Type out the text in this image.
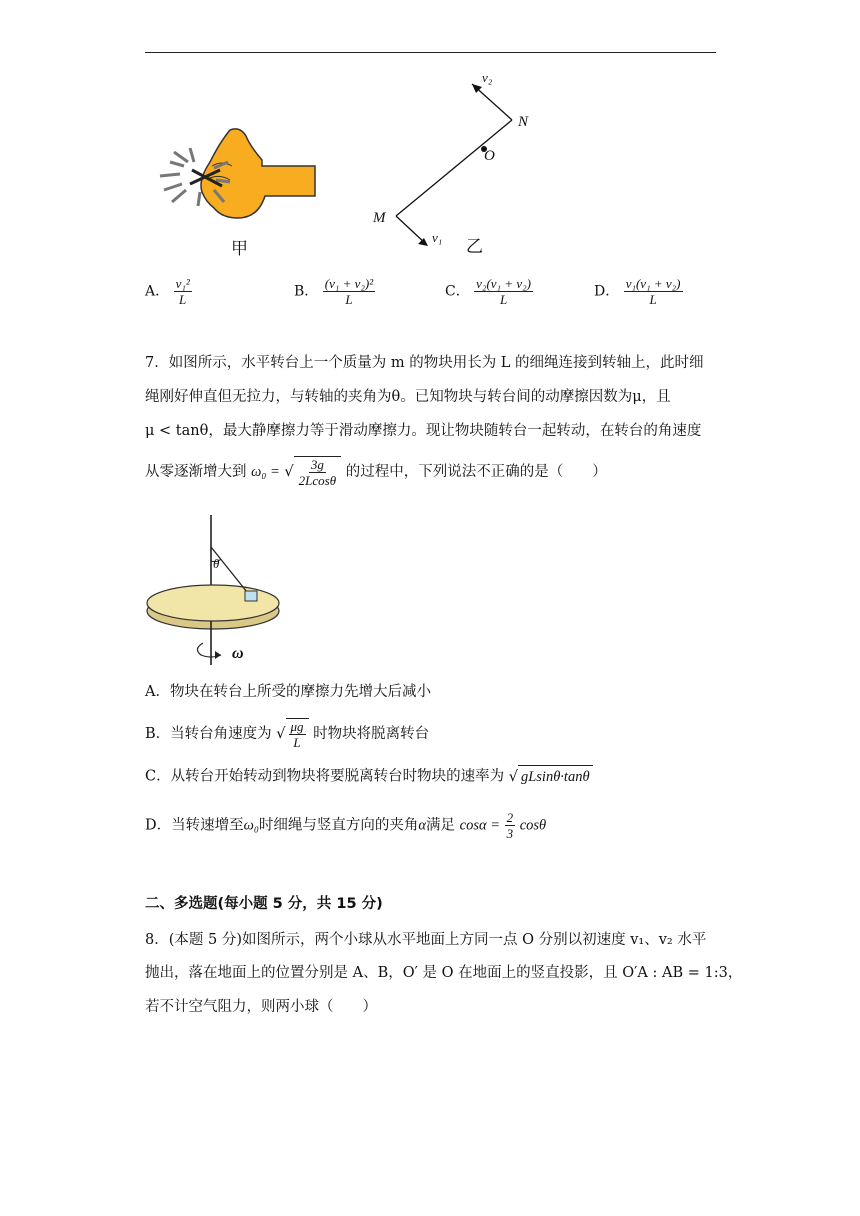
甲
v₂
N
O
M
v₁ 乙
A． $\frac{\text{v₁²}}{L}$	B． $\frac{\text{(v₁ + v₂)²}}{L}$	C． $\frac{\text{v₂(v₁ + v₂)}}{L}$	D． $\frac{\text{v₁(v₁ + v₂)}}{L}$
7．如图所示，水平转台上一个质量为 m 的物块用长为 L 的细绳连接到转轴上，此时细
绳刚好伸直但无拉力，与转轴的夹角为θ。已知物块与转台间的动摩擦因数为μ，且
μ < tanθ，最大静摩擦力等于滑动摩擦力。现让物块随转台一起转动，在转台的角速度
从零逐渐增大到 ω₀ = √ $\frac{3g}{2Lcos\theta}$ 的过程中，下列说法不正确的是（　　）
θ
ω
A．物块在转台上所受的摩擦力先增大后减小
B．当转台角速度为 √ $\frac{\mu g}{L}$ 时物块将脱离转台
C．从转台开始转动到物块将要脱离转台时物块的速率为 √ gLsinθ·tanθ
D．当转速增至ω₀时细绳与竖直方向的夹角α满足 $\cos\alpha = \frac{2}{3}$ cosθ
二、多选题(每小题 5 分，共 15 分)
8．(本题 5 分)如图所示，两个小球从水平地面上方同一点 O 分别以初速度 v₁、v₂ 水平
抛出，落在地面上的位置分别是 A、B，O′ 是 O 在地面上的竖直投影，且 O′A : AB = 1:3，
若不计空气阻力，则两小球（　　）
